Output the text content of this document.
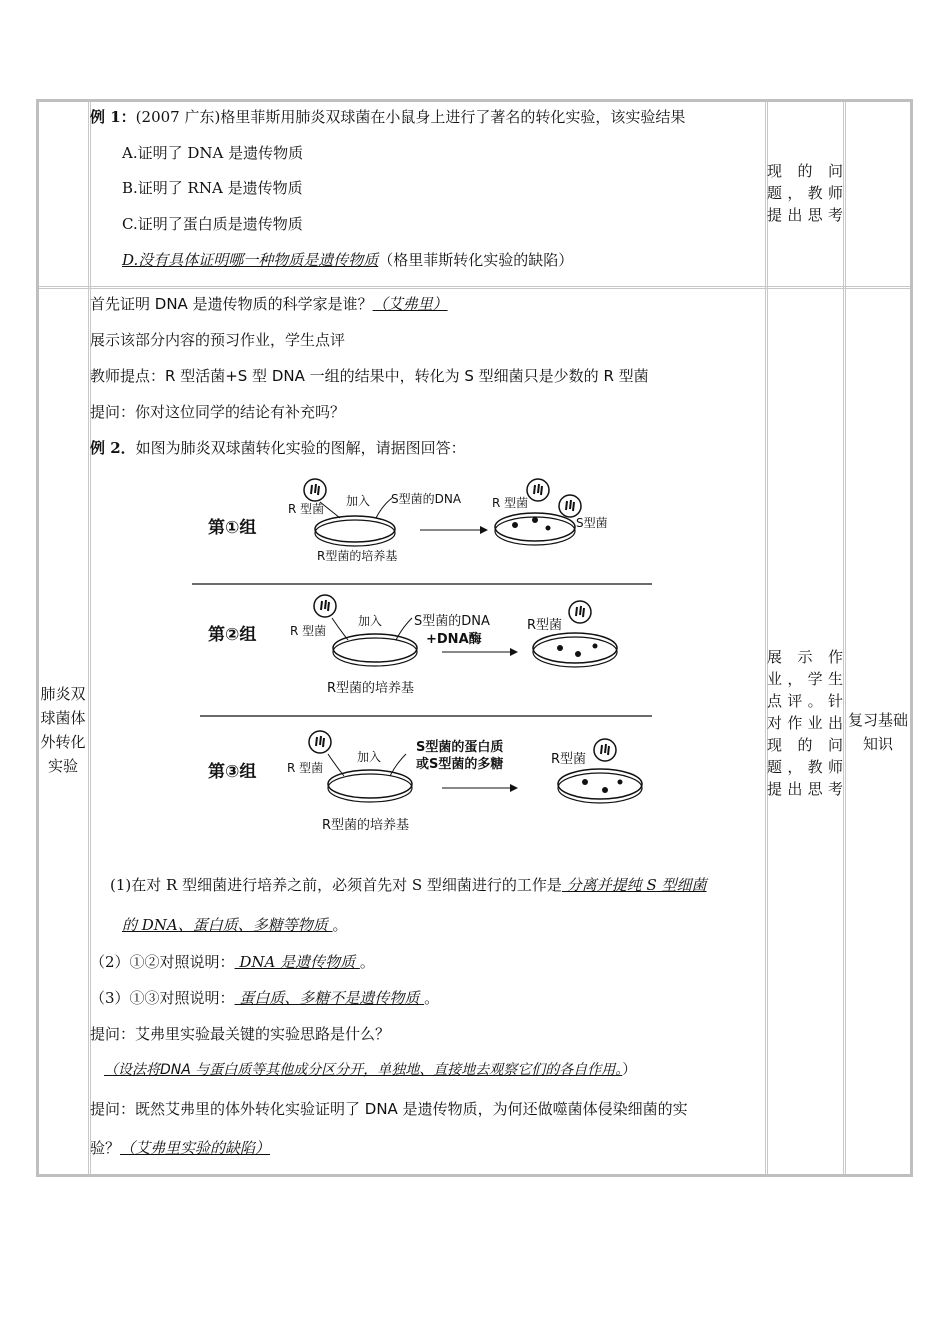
例 1：(2007 广东)格里菲斯用肺炎双球菌在小鼠身上进行了著名的转化实验，该实验结果
A.证明了 DNA 是遗传物质
B.证明了 RNA 是遗传物质
C.证明了蛋白质是遗传物质
D.没有具体证明哪一种物质是遗传物质（格里菲斯转化实验的缺陷）
现 的 问
题，教师
提出思考
肺炎双
球菌体
外转化
实验
展 示 作
业，学生
点评。针
对作业出
现 的 问
题，教师
提出思考
复习基础
知识
首先证明 DNA 是遗传物质的科学家是谁？（艾弗里）
展示该部分内容的预习作业，学生点评
教师提点：R 型活菌+S 型 DNA 一组的结果中，转化为 S 型细菌只是少数的 R 型菌
提问：你对这位同学的结论有补充吗？
例 2．如图为肺炎双球菌转化实验的图解，请据图回答：
第①组
R 型菌
加入 S型菌的DNA
R型菌的培养基
R 型菌
S型菌
第②组	R 型菌
加入 S型菌的DNA
+DNA酶
R型菌的培养基
R型菌
第③组	R 型菌
加入
S型菌的蛋白质
或S型菌的多糖
R型菌的培养基
R型菌
(1)在对 R 型细菌进行培养之前，必须首先对 S 型细菌进行的工作是 分离并提纯 S 型细菌
的 DNA、蛋白质、多糖等物质 。
（2）①②对照说明： DNA 是遗传物质 。
（3）①③对照说明： 蛋白质、多糖不是遗传物质 。
提问：艾弗里实验最关键的实验思路是什么？
（设法将DNA 与蛋白质等其他成分区分开，单独地、直接地去观察它们的各自作用。）
提问：既然艾弗里的体外转化实验证明了 DNA 是遗传物质，为何还做噬菌体侵染细菌的实
验？（艾弗里实验的缺陷）
